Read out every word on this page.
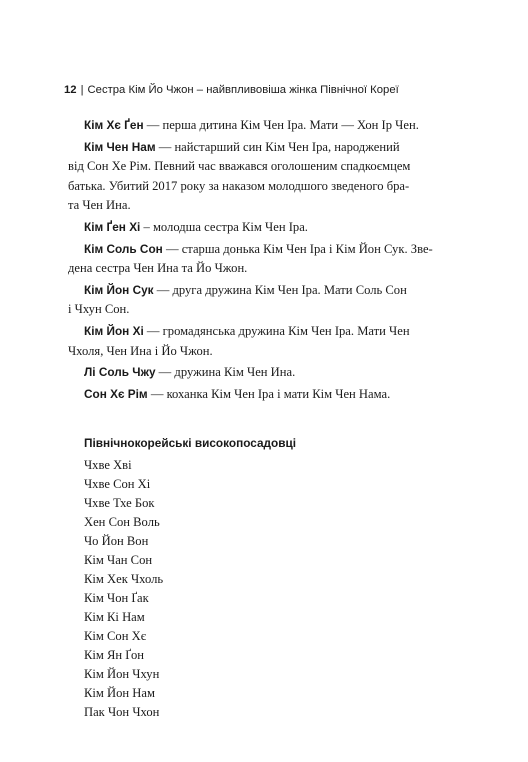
12 | Сестра Кім Йо Чжон – найвпливовіша жінка Північної Кореї
Кім Хє Ґен — перша дитина Кім Чен Іра. Мати — Хон Ір Чен.
Кім Чен Нам — найстарший син Кім Чен Іра, народжений
від Сон Хе Рім. Певний час вважався оголошеним спадкоємцем
батька. Убитий 2017 року за наказом молодшого зведеного бра-
та Чен Ина.
Кім Ґен Хі – молодша сестра Кім Чен Іра.
Кім Соль Сон — старша донька Кім Чен Іра і Кім Йон Сук. Зве-
дена сестра Чен Ина та Йо Чжон.
Кім Йон Сук — друга дружина Кім Чен Іра. Мати Соль Сон
і Чхун Сон.
Кім Йон Хі — громадянська дружина Кім Чен Іра. Мати Чен
Чхоля, Чен Ина і Йо Чжон.
Лі Соль Чжу — дружина Кім Чен Ина.
Сон Хє Рім — коханка Кім Чен Іра і мати Кім Чен Нама.
Північнокорейські високопосадовці
Чхве Хві
Чхве Сон Хі
Чхве Тхе Бок
Хен Сон Воль
Чо Йон Вон
Кім Чан Сон
Кім Хек Чхоль
Кім Чон Ґак
Кім Кі Нам
Кім Сон Хє
Кім Ян Ґон
Кім Йон Чхун
Кім Йон Нам
Пак Чон Чхон
